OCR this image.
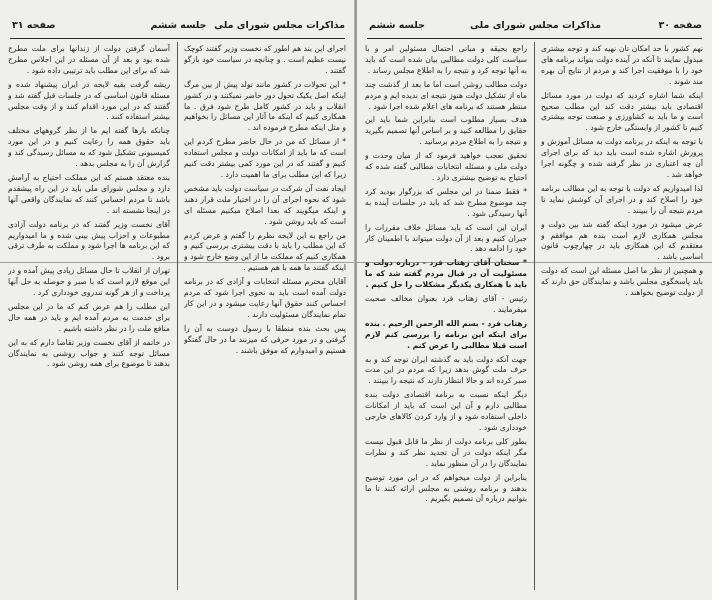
مذاکرات مجلس شورای ملی
جلسه ششم
صفحه ۳۱

اجرای این بند هم اطور که نخست وزیر گفتند کوچک نیست عظیم است . و چنانچه در سیاست خود بازگو گفتند .

* این تحولات در کشور مانند تولد پیش از بین مرگ اینکه اصل یکیک تحول دور حاضر نمیکنند و در کشور انقلاب و باید در کشور کامل طرح شود فرق . ما همکاری کنیم که اینکه ما آثار این مسائل را بخواهیم و مثل اینکه مطرح فرموده اند .

* از مسائل که من در حال حاضر مطرح کردم این است که ما باید از امکانات دولت و مجلس استفاده کنیم و گفتند که در این مورد کمی بیشتر دقت کنیم زیرا که این مطلب برای ما اهمیت دارد .

ایجاد نفت آن شرکت در سیاست دولت باید مشخص شود که نحوه اجرای آن را در اختیار ملت قرار دهند و اینکه میگویند که بعدا اصلاح میکنیم مسئله ای است که باید روشن شود .

من راجع به این لایحه نظرم را گفتم و عرض کردم که این مطلب را باید با دقت بیشتری بررسی کنیم و همکاری کنیم که مملکت ما از این وضع خارج شود و اینکه گفتند ما همه با هم هستیم .

آقایان محترم مسئله انتخابات و آزادی که در برنامه دولت آمده است باید به نحوی اجرا شود که مردم احساس کنند حقوق آنها رعایت میشود و در این کار تمام نمایندگان مسئولیت دارند .

پس بحث بنده منطقا با رسول دوست به آن را گرفتی و در مورد حرفی که میزنند ما در حال گفتگو هستیم و امیدوارم که موفق باشند .

آسمان گرفتن دولت از زندانها برای ملت مطرح شده بود و بعد از آن مسئله در این اجلاس مطرح شد که برای این مطلب باید ترتیبی داده شود .

ریشه گرفت بقیه لایحه در ایران پیشنهاد شده و مسئله قانون اساسی که در جلسات قبل گفته شد و گفتند که در این مورد اقدام کنند و از وقت مجلس بیشتر استفاده کنند .

چنانکه بارها گفته ایم ما از نظر گروههای مختلف باید حقوق همه را رعایت کنیم و در این مورد کمیسیونی تشکیل شود که به مسائل رسیدگی کند و گزارش آن را به مجلس بدهد .

بنده معتقد هستم که این مملکت احتیاج به آرامش دارد و مجلس شورای ملی باید در این راه پیشقدم باشد تا مردم احساس کنند که نمایندگان واقعی آنها در اینجا نشسته اند .

آقای نخست وزیر گفتند که در برنامه دولت آزادی مطبوعات و احزاب پیش بینی شده و ما امیدواریم که این برنامه ها اجرا شود و مملکت به طرف ترقی برود .

تهران از انقلاب تا حال مسائل زیادی پیش آمده و در این موقع لازم است که با صبر و حوصله به حل آنها پرداخت و از هر گونه تندروی خودداری کرد .

این مطلب را هم عرض کنم که ما در این مجلس برای خدمت به مردم آمده ایم و باید در همه حال منافع ملت را در نظر داشته باشیم .

در خاتمه از آقای نخست وزیر تقاضا دارم که به این مسائل توجه کنند و جواب روشنی به نمایندگان بدهند تا موضوع برای همه روشن شود .

صفحه ۳۰
مذاکرات مجلس شورای ملی
جلسه ششم

نهم کشور با حد امکان تان نهیه کند و توجه بیشتری مبذول نمایند تا آنکه در آینده دولت بتواند برنامه های خود را با موفقیت اجرا کند و مردم از نتایج آن بهره مند شوند .

اینکه شما اشاره کردید که دولت در مورد مسائل اقتصادی باید بیشتر دقت کند این مطلب صحیح است و ما باید به کشاورزی و صنعت توجه بیشتری کنیم تا کشور از وابستگی خارج شود .

با توجه به اینکه در برنامه دولت به مسائل آموزش و پرورش اشاره شده است باید دید که برای اجرای آن چه اعتباری در نظر گرفته شده و چگونه اجرا خواهد شد .

لذا امیدواریم که دولت با توجه به این مطالب برنامه خود را اصلاح کند و در اجرای آن کوشش نماید تا مردم نتیجه آن را ببینند .

عرض میشود در مورد اینکه گفته شد بین دولت و مجلس همکاری لازم است بنده هم موافقم و معتقدم که این همکاری باید در چهارچوب قانون اساسی باشد .

و همچنین از نظر ما اصل مسئله این است که دولت باید پاسخگوی مجلس باشد و نمایندگان حق دارند که از دولت توضیح بخواهند .

راجع بحیقه و مبانی احتمال مسئولین امر و با سیاست کلی دولت مطالبی بیان شده است که باید به آنها توجه کرد و نتیجه را به اطلاع مجلس رساند .

دولت مطالب روشن است اما ما بعد از گذشت چند ماه از تشکیل دولت هنوز نتیجه ای ندیده ایم و مردم منتظر هستند که برنامه های اعلام شده اجرا شود .

هدف بسیار مطلوب است بنابراین شما باید این حقایق را مطالعه کنید و بر اساس آنها تصمیم بگیرید و نتیجه را به اطلاع مردم برسانید .

تحقیق تعجب خواهید فرمود که از میان وحدت و دولت ملی و مسئله انتخابات مطالبی گفته شده که احتیاج به توضیح بیشتری دارد .

* فقط ضمنا در این مجلس که بزرگوار بودید کرد چند موضوع مطرح شد که باید در جلسات آینده به آنها رسیدگی شود .

ایران این است که باید مسائل خلاف مقررات را جبران کنیم و بعد از آن دولت میتواند با اطمینان کار خود را ادامه دهد .

مسئولیت آن در قبال مردم گفته شد که ما باید با همکاری یکدیگر مشکلات را حل کنیم .

رئیس - آقای زهتاب فرد بعنوان مخالف صحبت میفرمایند .

زهتاب فرد - بسم الله الرحمن الرحیم . بنده برای اینکه این برنامه را بررسی کنم لازم است قبلا مطالبی را عرض کنم .

جهت آنکه دولت باید به گذشته ایران توجه کند و به حرف ملت گوش بدهد زیرا که مردم در این مدت صبر کرده اند و حالا انتظار دارند که نتیجه را ببینند .

دیگر اینکه نسبت به برنامه اقتصادی دولت بنده مطالبی دارم و آن این است که باید از امکانات داخلی استفاده شود و از وارد کردن کالاهای خارجی خودداری شود .

بطور کلی برنامه دولت از نظر ما قابل قبول نیست مگر اینکه دولت در آن تجدید نظر کند و نظرات نمایندگان را در آن منظور نماید .

بنابراین از دولت میخواهم که در این مورد توضیح بدهند و برنامه روشنی به مجلس ارائه کنند تا ما بتوانیم درباره آن تصمیم بگیریم .
